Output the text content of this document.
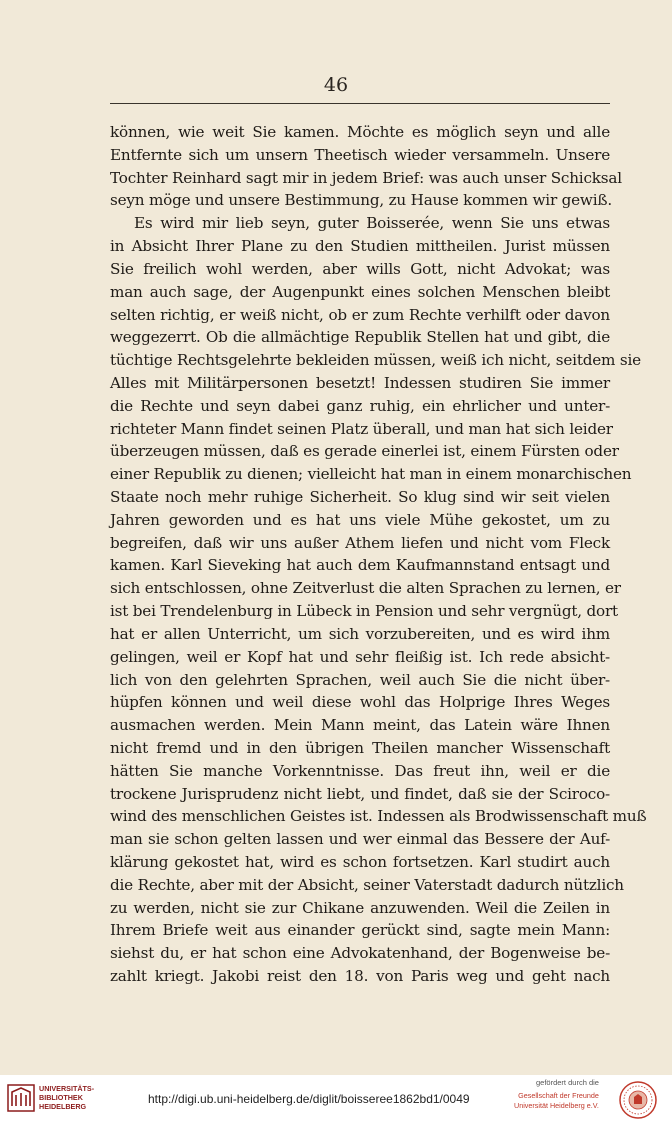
46
können, wie weit Sie kamen. Möchte es möglich seyn und alle
Entfernte sich um unsern Theetisch wieder versammeln. Unsere
Tochter Reinhard sagt mir in jedem Brief: was auch unser Schicksal
seyn möge und unsere Bestimmung, zu Hause kommen wir gewiß.
Es wird mir lieb seyn, guter Boisserée, wenn Sie uns etwas
in Absicht Ihrer Plane zu den Studien mittheilen. Jurist müssen
Sie freilich wohl werden, aber wills Gott, nicht Advokat; was
man auch sage, der Augenpunkt eines solchen Menschen bleibt
selten richtig, er weiß nicht, ob er zum Rechte verhilft oder davon
weggezerrt. Ob die allmächtige Republik Stellen hat und gibt, die
tüchtige Rechtsgelehrte bekleiden müssen, weiß ich nicht, seitdem sie
Alles mit Militärpersonen besetzt! Indessen studiren Sie immer
die Rechte und seyn dabei ganz ruhig, ein ehrlicher und unter-
richteter Mann findet seinen Platz überall, und man hat sich leider
überzeugen müssen, daß es gerade einerlei ist, einem Fürsten oder
einer Republik zu dienen; vielleicht hat man in einem monarchischen
Staate noch mehr ruhige Sicherheit. So klug sind wir seit vielen
Jahren geworden und es hat uns viele Mühe gekostet, um zu
begreifen, daß wir uns außer Athem liefen und nicht vom Fleck
kamen. Karl Sieveking hat auch dem Kaufmannstand entsagt und
sich entschlossen, ohne Zeitverlust die alten Sprachen zu lernen, er
ist bei Trendelenburg in Lübeck in Pension und sehr vergnügt, dort
hat er allen Unterricht, um sich vorzubereiten, und es wird ihm
gelingen, weil er Kopf hat und sehr fleißig ist. Ich rede absicht-
lich von den gelehrten Sprachen, weil auch Sie die nicht über-
hüpfen können und weil diese wohl das Holprige Ihres Weges
ausmachen werden. Mein Mann meint, das Latein wäre Ihnen
nicht fremd und in den übrigen Theilen mancher Wissenschaft
hätten Sie manche Vorkenntnisse. Das freut ihn, weil er die
trockene Jurisprudenz nicht liebt, und findet, daß sie der Sciroco-
wind des menschlichen Geistes ist. Indessen als Brodwissenschaft muß
man sie schon gelten lassen und wer einmal das Bessere der Auf-
klärung gekostet hat, wird es schon fortsetzen. Karl studirt auch
die Rechte, aber mit der Absicht, seiner Vaterstadt dadurch nützlich
zu werden, nicht sie zur Chikane anzuwenden. Weil die Zeilen in
Ihrem Briefe weit aus einander gerückt sind, sagte mein Mann:
siehst du, er hat schon eine Advokatenhand, der Bogenweise be-
zahlt kriegt. Jakobi reist den 18. von Paris weg und geht nach
UNIVERSITÄTS-
BIBLIOTHEK
HEIDELBERG
http://digi.ub.uni-heidelberg.de/diglit/boisseree1862bd1/0049
gefördert durch die
Gesellschaft der Freunde
Universität Heidelberg e.V.
